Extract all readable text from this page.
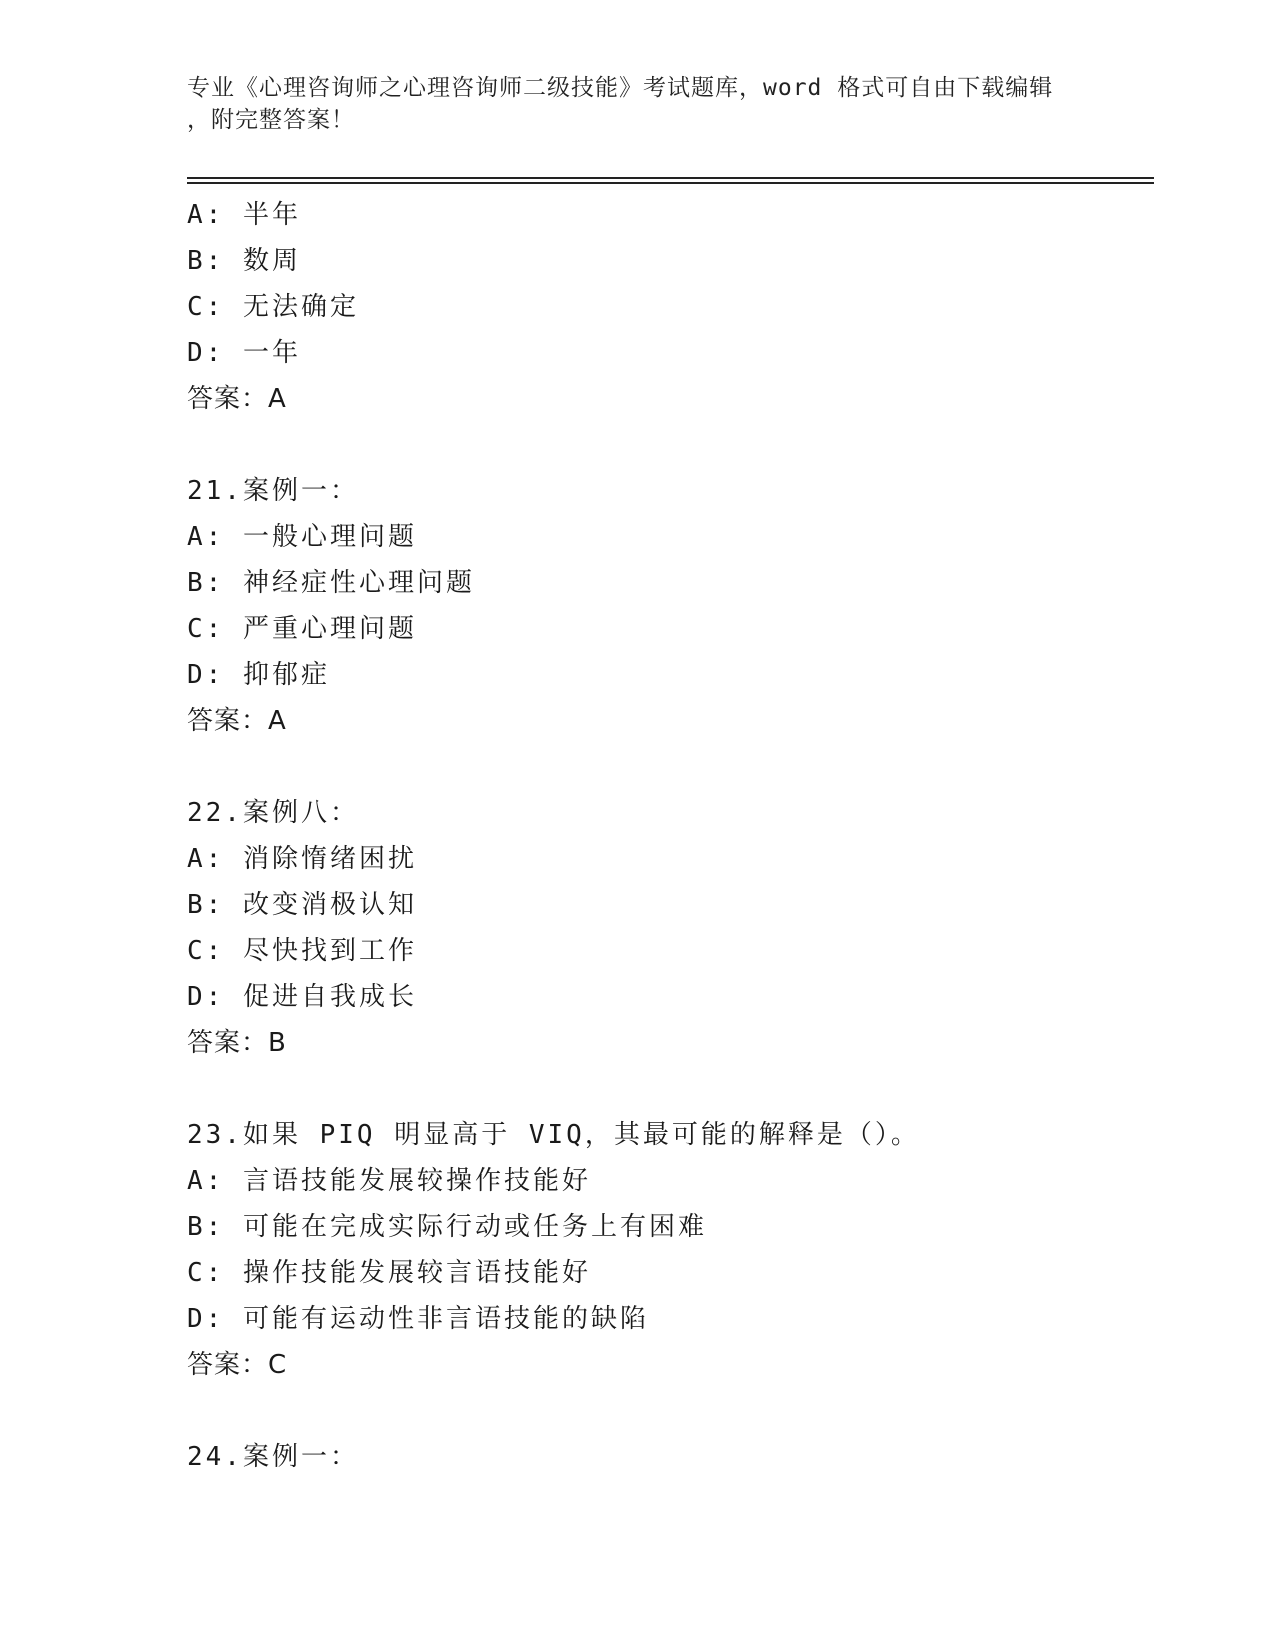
专业《心理咨询师之心理咨询师二级技能》考试题库，word 格式可自由下载编辑
，附完整答案！
A: 半年
B: 数周
C: 无法确定
D: 一年
答案：A
21.案例一：
A: 一般心理问题
B: 神经症性心理问题
C: 严重心理问题
D: 抑郁症
答案：A
22.案例八：
A: 消除惰绪困扰
B: 改变消极认知
C: 尽快找到工作
D: 促进自我成长
答案：B
23.如果 PIQ 明显高于 VIQ，其最可能的解释是（）。
A: 言语技能发展较操作技能好
B: 可能在完成实际行动或任务上有困难
C: 操作技能发展较言语技能好
D: 可能有运动性非言语技能的缺陷
答案：C
24.案例一：
